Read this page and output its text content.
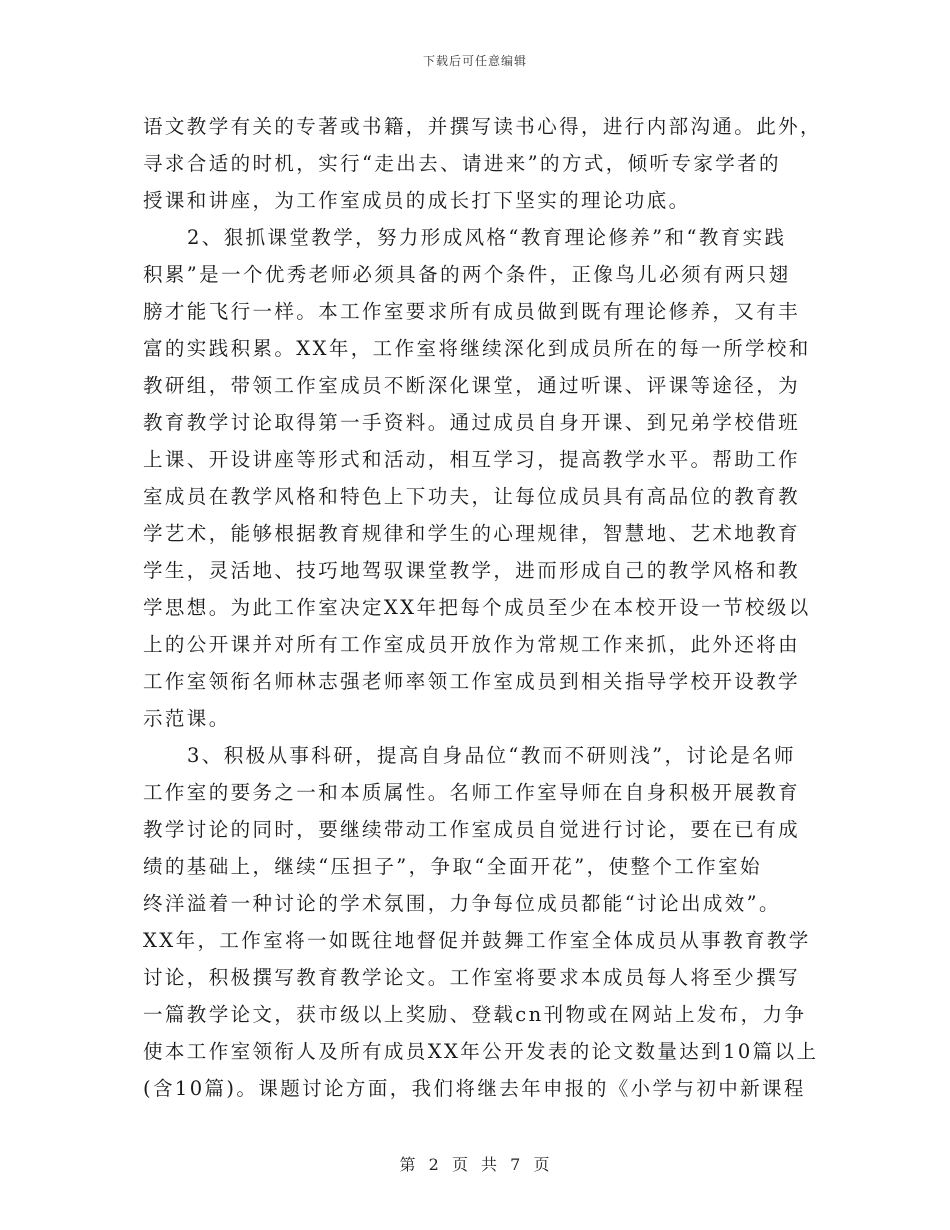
下载后可任意编辑
语文教学有关的专著或书籍，并撰写读书心得，进行内部沟通。此外，
寻求合适的时机，实行“走出去、请进来”的方式，倾听专家学者的
授课和讲座，为工作室成员的成长打下坚实的理论功底。
2、狠抓课堂教学，努力形成风格“教育理论修养”和“教育实践
积累”是一个优秀老师必须具备的两个条件，正像鸟儿必须有两只翅
膀才能飞行一样。本工作室要求所有成员做到既有理论修养，又有丰
富的实践积累。XX年，工作室将继续深化到成员所在的每一所学校和
教研组，带领工作室成员不断深化课堂，通过听课、评课等途径，为
教育教学讨论取得第一手资料。通过成员自身开课、到兄弟学校借班
上课、开设讲座等形式和活动，相互学习，提高教学水平。帮助工作
室成员在教学风格和特色上下功夫，让每位成员具有高品位的教育教
学艺术，能够根据教育规律和学生的心理规律，智慧地、艺术地教育
学生，灵活地、技巧地驾驭课堂教学，进而形成自己的教学风格和教
学思想。为此工作室决定XX年把每个成员至少在本校开设一节校级以
上的公开课并对所有工作室成员开放作为常规工作来抓，此外还将由
工作室领衔名师林志强老师率领工作室成员到相关指导学校开设教学
示范课。
3、积极从事科研，提高自身品位“教而不研则浅”，讨论是名师
工作室的要务之一和本质属性。名师工作室导师在自身积极开展教育
教学讨论的同时，要继续带动工作室成员自觉进行讨论，要在已有成
绩的基础上，继续“压担子”，争取“全面开花”，使整个工作室始
终洋溢着一种讨论的学术氛围，力争每位成员都能“讨论出成效”。
XX年，工作室将一如既往地督促并鼓舞工作室全体成员从事教育教学
讨论，积极撰写教育教学论文。工作室将要求本成员每人将至少撰写
一篇教学论文，获市级以上奖励、登载cn刊物或在网站上发布，力争
使本工作室领衔人及所有成员XX年公开发表的论文数量达到10篇以上
(含10篇)。课题讨论方面，我们将继去年申报的《小学与初中新课程
第 2 页 共 7 页
